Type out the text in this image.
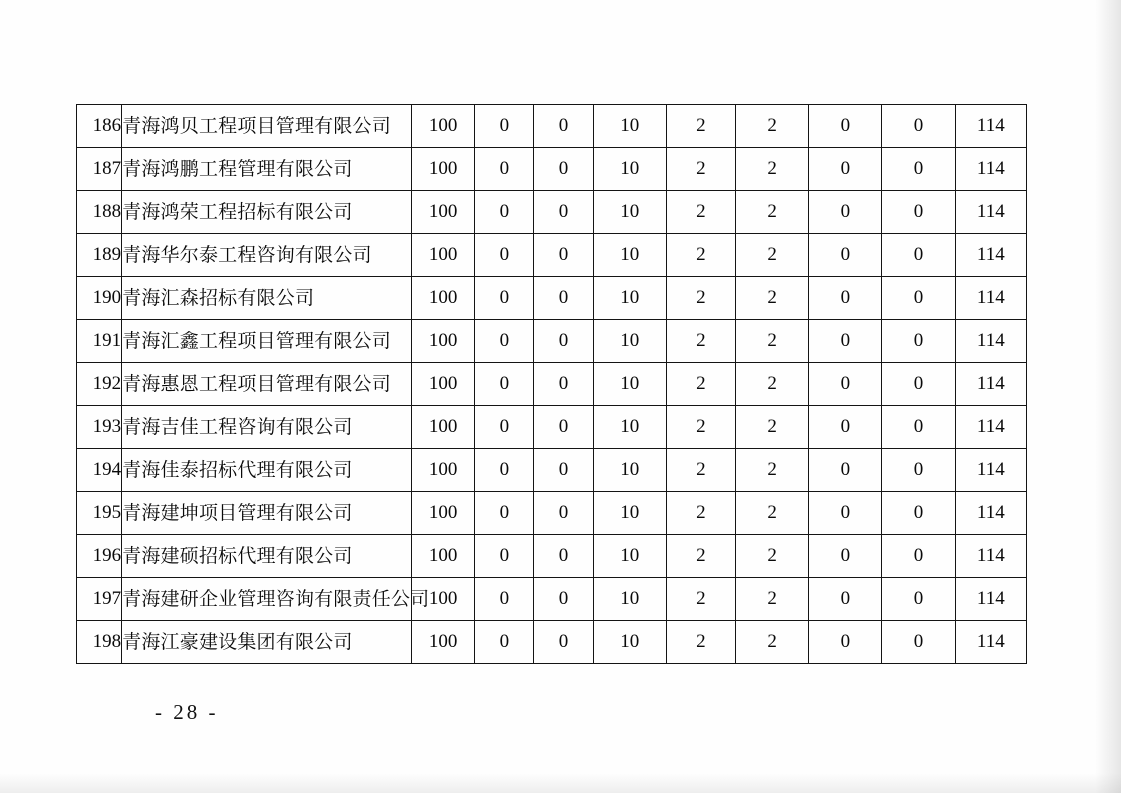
186	青海鸿贝工程项目管理有限公司	100	0	0	10	2	2	0	0	114
187	青海鸿鹏工程管理有限公司	100	0	0	10	2	2	0	0	114
188	青海鸿荣工程招标有限公司	100	0	0	10	2	2	0	0	114
189	青海华尔泰工程咨询有限公司	100	0	0	10	2	2	0	0	114
190	青海汇森招标有限公司	100	0	0	10	2	2	0	0	114
191	青海汇鑫工程项目管理有限公司	100	0	0	10	2	2	0	0	114
192	青海惠恩工程项目管理有限公司	100	0	0	10	2	2	0	0	114
193	青海吉佳工程咨询有限公司	100	0	0	10	2	2	0	0	114
194	青海佳泰招标代理有限公司	100	0	0	10	2	2	0	0	114
195	青海建坤项目管理有限公司	100	0	0	10	2	2	0	0	114
196	青海建硕招标代理有限公司	100	0	0	10	2	2	0	0	114
197	青海建研企业管理咨询有限责任公司	100	0	0	10	2	2	0	0	114
198	青海江豪建设集团有限公司	100	0	0	10	2	2	0	0	114
- 28 -
